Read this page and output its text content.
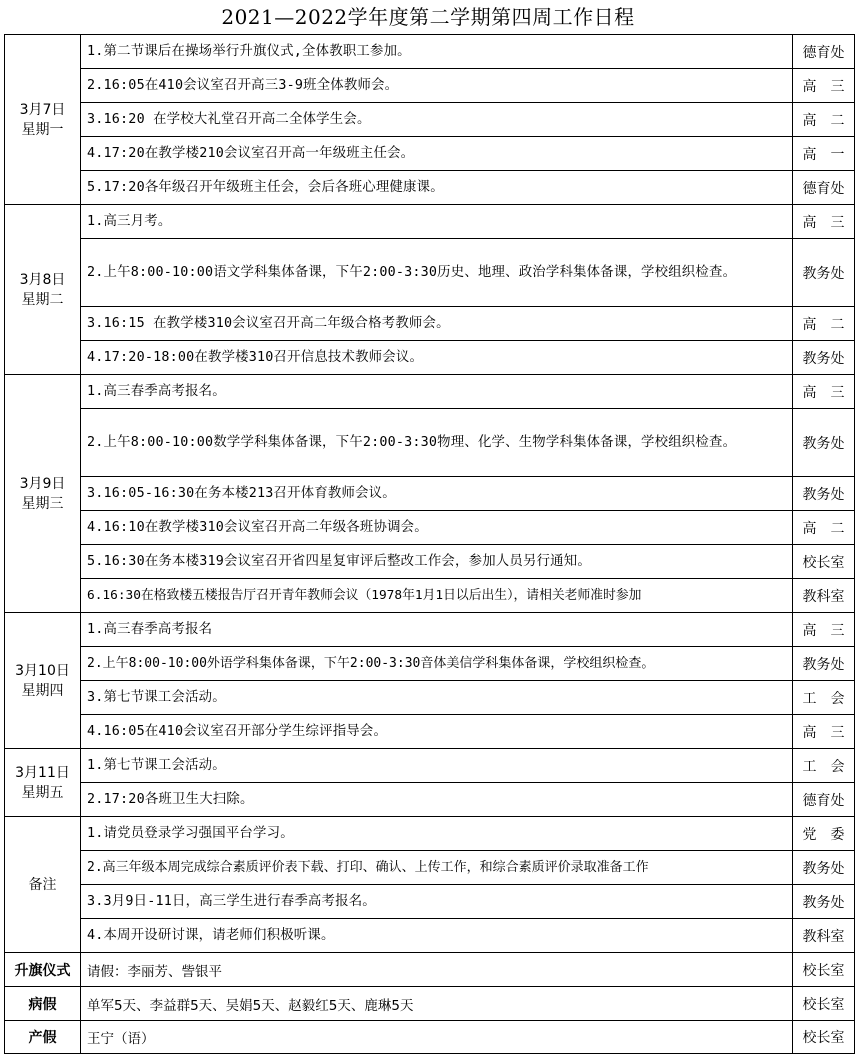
2021—2022学年度第二学期第四周工作日程
3月7日
星期一	1.第二节课后在操场举行升旗仪式,全体教职工参加。	德育处
	2.16:05在410会议室召开高三3-9班全体教师会。	高　三
	3.16:20 在学校大礼堂召开高二全体学生会。	高　二
	4.17:20在教学楼210会议室召开高一年级班主任会。	高　一
	5.17:20各年级召开年级班主任会，会后各班心理健康课。	德育处

3月8日
星期二	1.高三月考。	高　三
	2.上午8:00-10:00语文学科集体备课，下午2:00-3:30历史、地理、政治学科集体备课，学校组织检查。	教务处
	3.16:15 在教学楼310会议室召开高二年级合格考教师会。	高　二
	4.17:20-18:00在教学楼310召开信息技术教师会议。	教务处

3月9日
星期三	1.高三春季高考报名。	高　三
	2.上午8:00-10:00数学学科集体备课，下午2:00-3:30物理、化学、生物学科集体备课，学校组织检查。	教务处
	3.16:05-16:30在务本楼213召开体育教师会议。	教务处
	4.16:10在教学楼310会议室召开高二年级各班协调会。	高　二
	5.16:30在务本楼319会议室召开省四星复审评后整改工作会，参加人员另行通知。	校长室
	6.16:30在格致楼五楼报告厅召开青年教师会议（1978年1月1日以后出生），请相关老师准时参加	教科室

3月10日
星期四	1.高三春季高考报名	高　三
	2.上午8:00-10:00外语学科集体备课，下午2:00-3:30音体美信学科集体备课，学校组织检查。	教务处
	3.第七节课工会活动。	工　会
	4.16:05在410会议室召开部分学生综评指导会。	高　三

3月11日
星期五	1.第七节课工会活动。	工　会
	2.17:20各班卫生大扫除。	德育处
备注	1.请党员登录学习强国平台学习。	党　委
	2.高三年级本周完成综合素质评价表下载、打印、确认、上传工作，和综合素质评价录取准备工作	教务处
	3.3月9日-11日，高三学生进行春季高考报名。	教务处
	4.本周开设研讨课，请老师们积极听课。	教科室
升旗仪式	请假：李丽芳、訾银平	校长室
病假	单军5天、李益群5天、吴娟5天、赵毅红5天、鹿琳5天	校长室
产假	王宁（语）	校长室
